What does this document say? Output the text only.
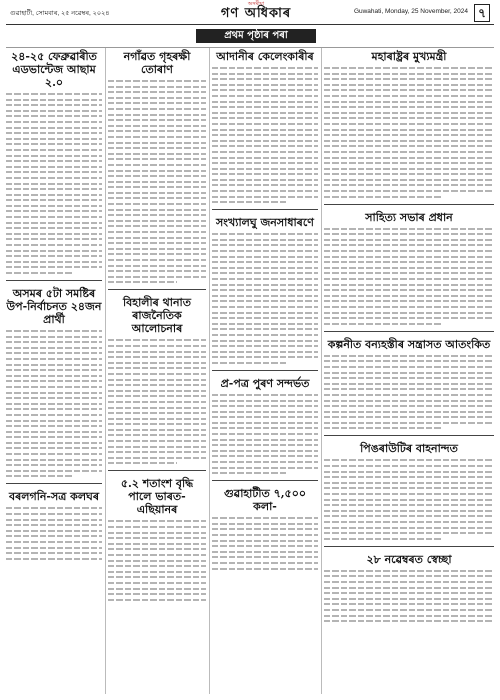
গুৱাহাটী, সোমবাৰ, ২৫ নৱেম্বৰ, ২০২৪
অসমীয়া
গণ অধিকাৰ	Guwahati, Monday, 25 November, 2024 ৭
প্ৰথম পৃষ্ঠাৰ পৰা
২৪-২৫ ফেব্ৰুৱাৰীত এডভান্টেজ আছাম ২.০
অসমৰ ৫টা সমষ্টিৰ উপ-নিৰ্বাচনত ২৪জন প্ৰাৰ্থী
বৰলগনি-সত্ৰ কলঘৰ
নগাঁৱত গৃহৰক্ষী তোৰাণ
বিহালীৰ থানাত ৰাজনৈতিক আলোচনাৰ
৫.২ শতাংশ বৃদ্ধি পালে ভাৰত-এছিয়ানৰ
আদানীৰ কেলেংকাৰীৰ
সংখ্যালঘু জনসাধাৰণে
প্ৰ-পত্ৰ পুৰণ সন্দৰ্ভত
গুৱাহাটীত ৭,৫০০ কলা-
মহাৰাষ্ট্ৰৰ মুখ্যমন্ত্ৰী
সাহিত্য সভাৰ প্ৰধান
কল্পনীত বন্যহস্তীৰ সন্ত্ৰাসত আতংকিত
পিঙৰাউটিৰ বাহনান্দত
২৮ নৱেম্বৰত স্বেচ্ছা
